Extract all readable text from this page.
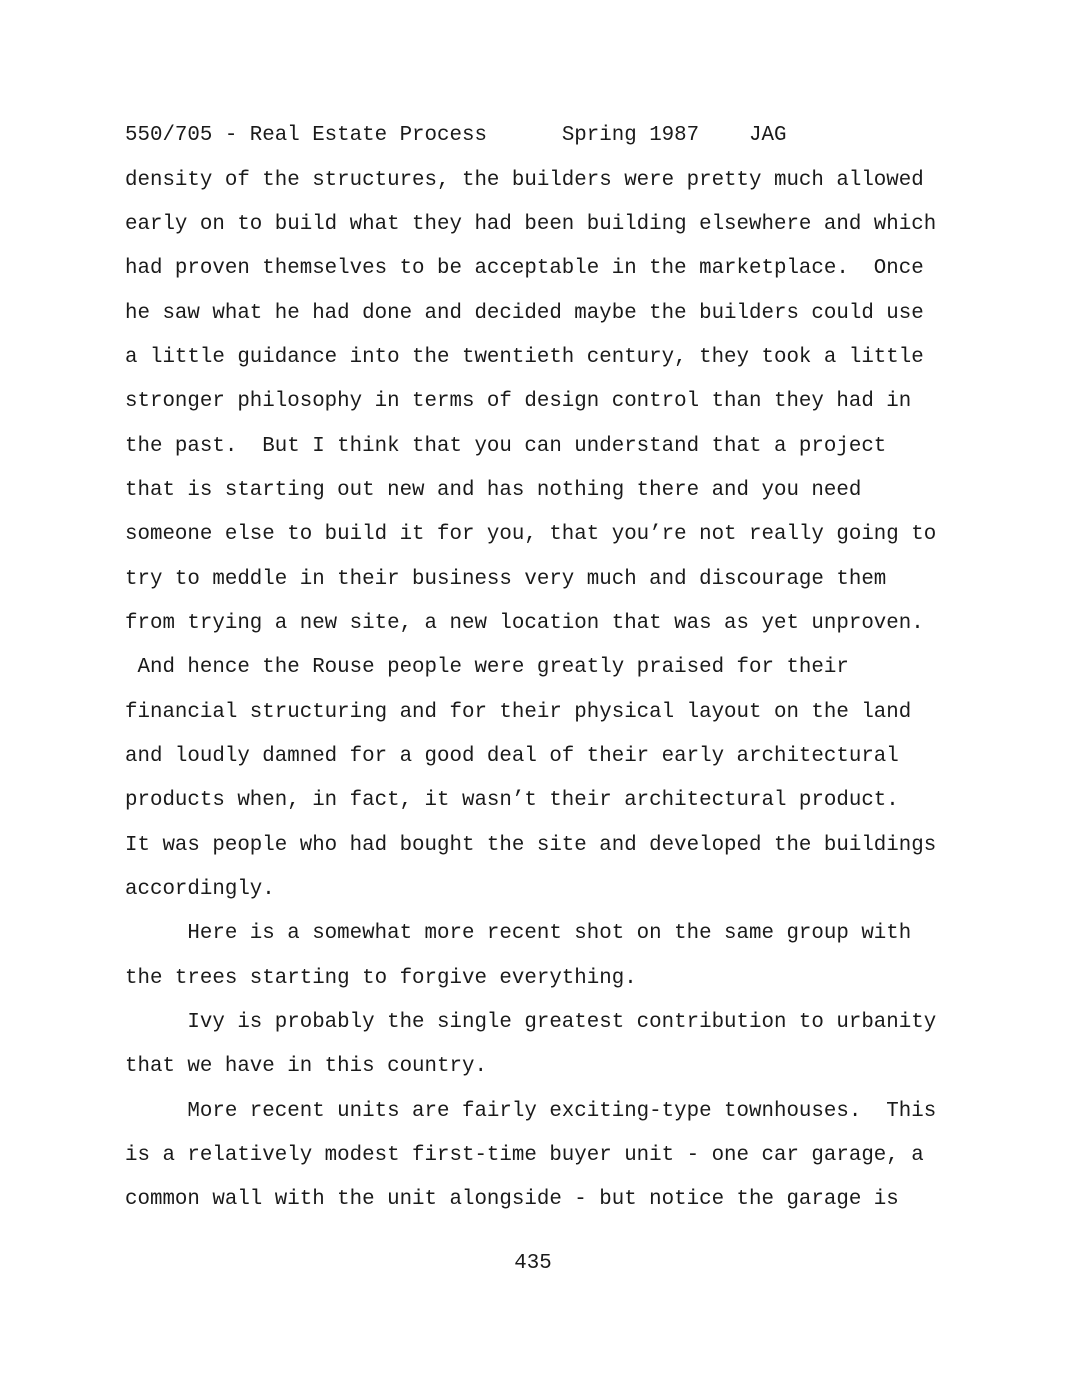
550/705 - Real Estate Process	Spring 1987 JAG
density of the structures, the builders were pretty much allowed
early on to build what they had been building elsewhere and which
had proven themselves to be acceptable in the marketplace.  Once
he saw what he had done and decided maybe the builders could use
a little guidance into the twentieth century, they took a little
stronger philosophy in terms of design control than they had in
the past.  But I think that you can understand that a project
that is starting out new and has nothing there and you need
someone else to build it for you, that you’re not really going to
try to meddle in their business very much and discourage them
from trying a new site, a new location that was as yet unproven.
And hence the Rouse people were greatly praised for their
financial structuring and for their physical layout on the land
and loudly damned for a good deal of their early architectural
products when, in fact, it wasn’t their architectural product.
It was people who had bought the site and developed the buildings
accordingly.
Here is a somewhat more recent shot on the same group with
the trees starting to forgive everything.
Ivy is probably the single greatest contribution to urbanity
that we have in this country.
More recent units are fairly exciting-type townhouses.  This
is a relatively modest first-time buyer unit - one car garage, a
common wall with the unit alongside - but notice the garage is
435
